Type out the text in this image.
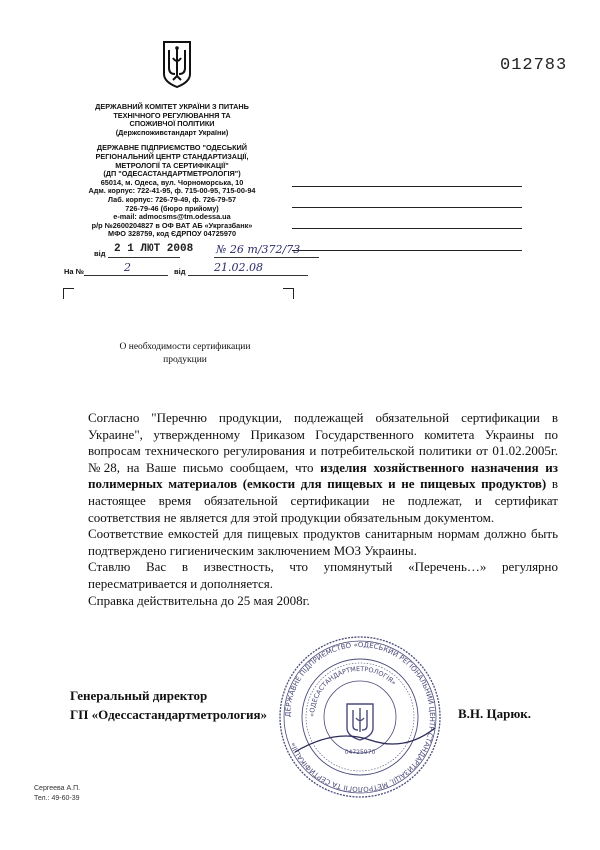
012783
ДЕРЖАВНИЙ КОМІТЕТ УКРАЇНИ З ПИТАНЬ
ТЕХНІЧНОГО РЕГУЛЮВАННЯ ТА
СПОЖИВЧОЇ ПОЛІТИКИ
(Держспоживстандарт України)
ДЕРЖАВНЕ ПІДПРИЄМСТВО "ОДЕСЬКИЙ
РЕГІОНАЛЬНИЙ ЦЕНТР СТАНДАРТИЗАЦІЇ,
МЕТРОЛОГІЇ ТА СЕРТИФІКАЦІЇ"
(ДП "ОДЕСАСТАНДАРТМЕТРОЛОГІЯ")
65014, м. Одеса, вул. Чорноморська, 10
Адм. корпус: 722-41-95, ф. 715-00-95, 715-00-94
Лаб. корпус: 726-79-49, ф. 726-79-57
726-79-46 (бюро прийому)
e-mail: admocsms@tm.odessa.ua
р/р №2600204827 в ОФ ВАТ АБ «Укргазбанк»
МФО 328759, код ЄДРПОУ 04725970
від 2 1 ЛЮТ 2008 № 26 т/372/73
На №	2	від	21.02.08
О необходимости сертификации
продукции

Согласно "Перечню продукции, подлежащей обязательной сертификации в Украине", утвержденному Приказом Государственного комитета Украины по вопросам технического регулирования и потребительской политики от 01.02.2005г. №28, на Ваше письмо сообщаем, что изделия хозяйственного назначения из полимерных материалов (емкости для пищевых и не пищевых продуктов) в настоящее время обязательной сертификации не подлежат, и сертификат соответствия не является для этой продукции обязательным документом.

Соответствие емкостей для пищевых продуктов санитарным нормам должно быть подтверждено гигиеническим заключением МОЗ Украины.

Ставлю Вас в известность, что упомянутый «Перечень…» регулярно пересматривается и дополняется.

Справка действительна до 25 мая 2008г.

ДЕРЖАВНЕ ПІДПРИЄМСТВО «ОДЕСЬКИЙ РЕГІОНАЛЬНИЙ ЦЕНТР СТАНДАРТИЗАЦІЇ, МЕТРОЛОГІЇ ТА СЕРТИФІКАЦІЇ»
«ОДЕСАСТАНДАРТМЕТРОЛОГІЯ»
04725970
Генеральный директор
ГП «Одессастандартметрология»	В.Н. Царюк.
Сергеева А.П.
Тел.: 49-60-39
